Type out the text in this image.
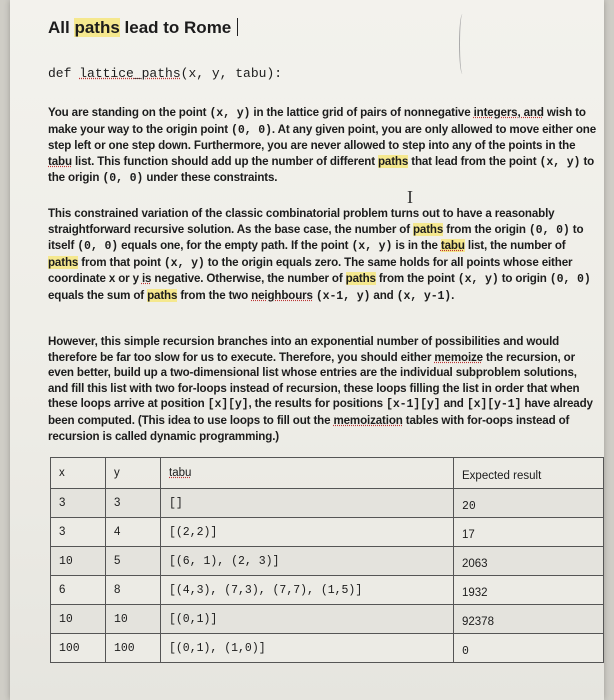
All paths lead to Rome
def lattice_paths(x, y, tabu):
You are standing on the point (x, y) in the lattice grid of pairs of nonnegative integers, and wish to make your way to the origin point (0, 0). At any given point, you are only allowed to move either one step left or one step down. Furthermore, you are never allowed to step into any of the points in the tabu list. This function should add up the number of different paths that lead from the point (x, y) to the origin (0, 0) under these constraints.
I
This constrained variation of the classic combinatorial problem turns out to have a reasonably straightforward recursive solution. As the base case, the number of paths from the origin (0, 0) to itself (0, 0) equals one, for the empty path. If the point (x, y) is in the tabu list, the number of paths from that point (x, y) to the origin equals zero. The same holds for all points whose either coordinate x or y is negative. Otherwise, the number of paths from the point (x, y) to origin (0, 0) equals the sum of paths from the two neighbours (x-1, y) and (x, y-1).
However, this simple recursion branches into an exponential number of possibilities and would therefore be far too slow for us to execute. Therefore, you should either memoize the recursion, or even better, build up a two-dimensional list whose entries are the individual subproblem solutions, and fill this list with two for-loops instead of recursion, these loops filling the list in order that when these loops arrive at position [x][y], the results for positions [x-1][y] and [x][y-1] have already been computed. (This idea to use loops to fill out the memoization tables with for-oops instead of recursion is called dynamic programming.)
x	y	tabu	Expected result
3	3	[]	20
3	4	[(2,2)]	17
10	5	[(6, 1), (2, 3)]	2063
6	8	[(4,3), (7,3), (7,7), (1,5)]	1932
10	10	[(0,1)]	92378
100	100	[(0,1), (1,0)]	0
